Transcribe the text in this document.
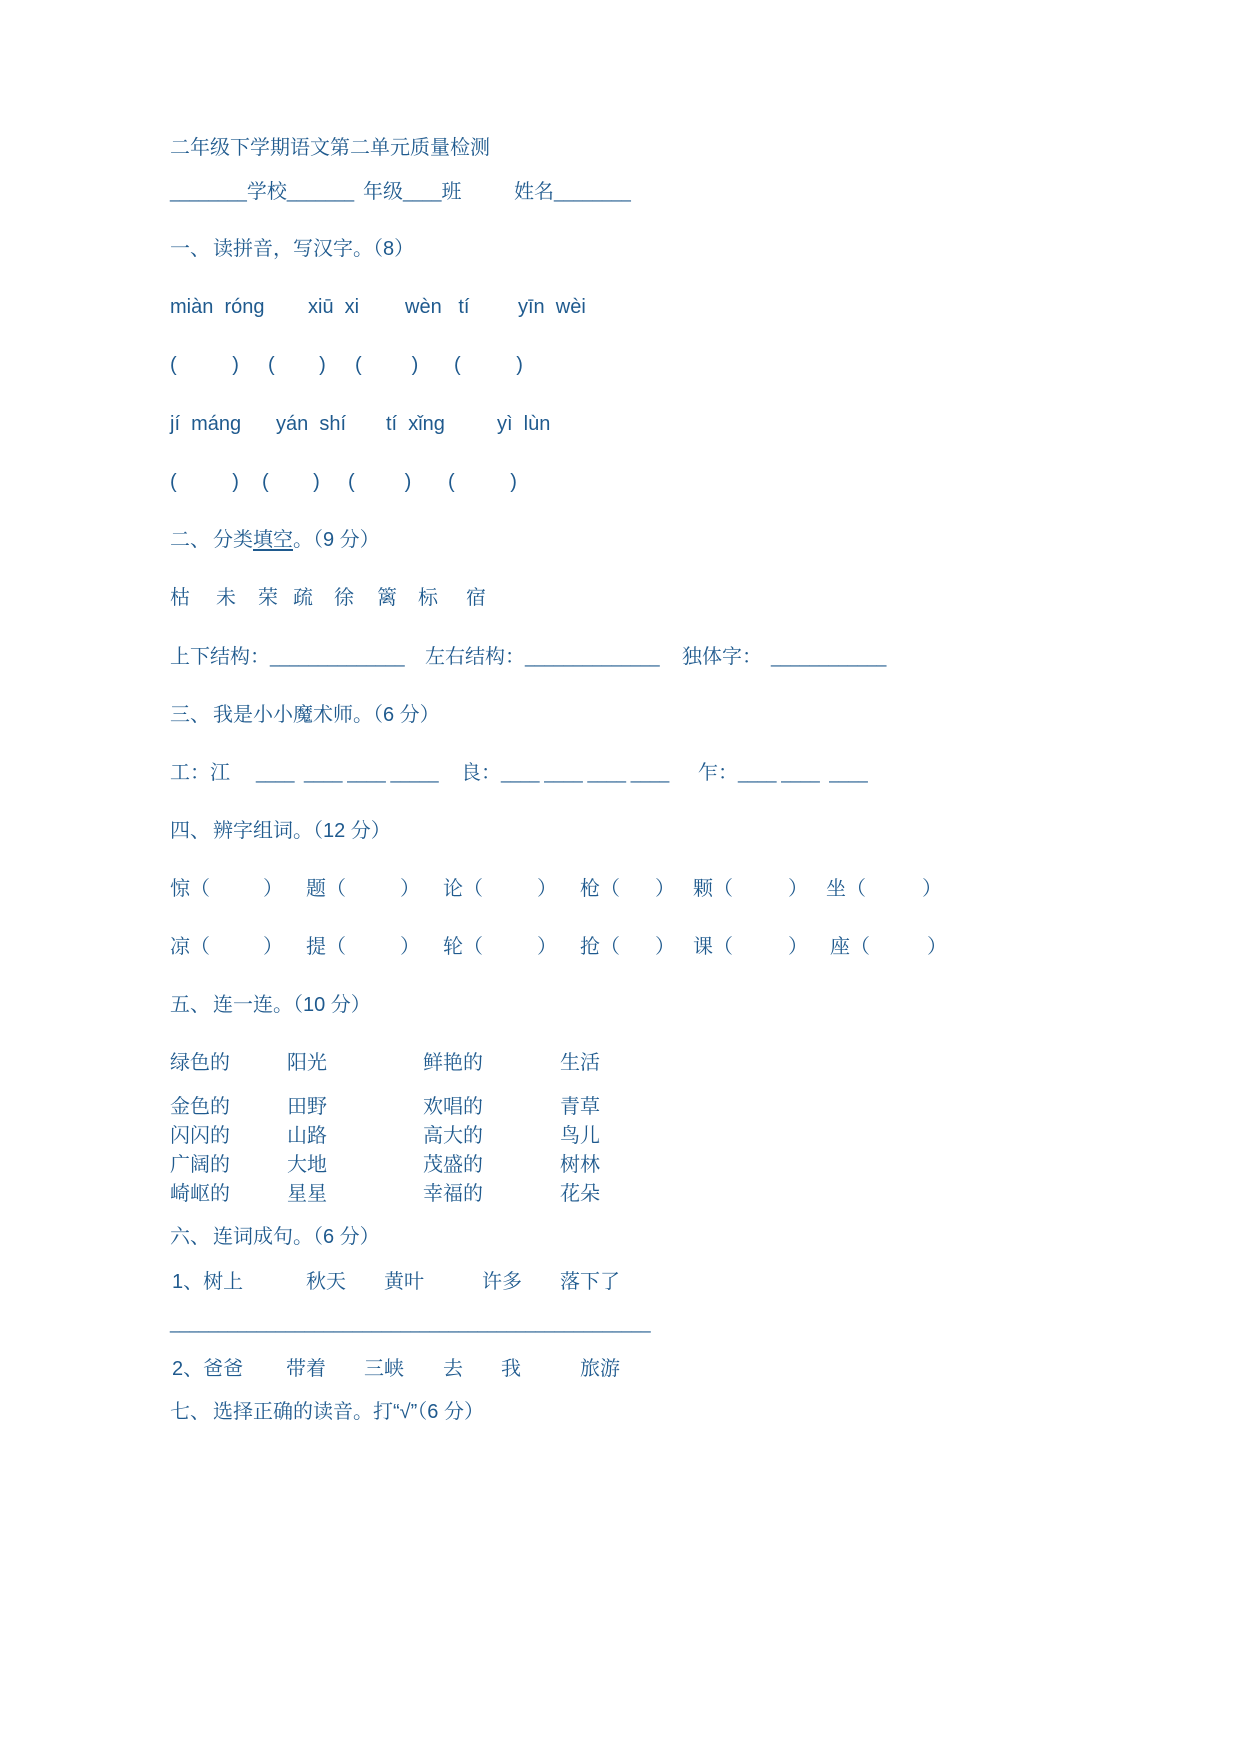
二年级下学期语文第二单元质量检测

________学校_______

年级____班

	姓名________

一、

读拼音，写汉字。（8）

miàn  róng

xiū  xi

wèn   tí

yīn  wèi

(          )

(        )

(         )

(          )

jí  máng

yán  shí

tí  xǐng

	yì  lùn

(          )

(        )

(         )

(          )

二、

分类填空。（9 分）

枯

未

荣

疏

徐

篱

标

宿

上下结构：______________

左右结构：______________

独体字： ____________

三、

我是小小魔术师。（6 分）

工：江

____  ____ ____ _____

良：____ ____ ____ ____

乍：____ ____  ____

四、

辨字组词。（12 分）

惊（

	）

题（

	）

论（

	）

枪（

）

颗（

	）

坐（

	）

凉（

	）

提（

	）

轮（

	）

抢（

）

课（

	）

座（

	）

五、

连一连。（10 分）

绿色的

	阳光

	鲜艳的

	生活

金色的

	田野

	欢唱的

	青草

闪闪的

	山路

	高大的

	鸟儿

广阔的

	大地

	茂盛的

	树林

崎岖的

	星星

	幸福的

	花朵

六、

连词成句。（6 分）

1、树上

	秋天

黄叶

	许多

落下了

__________________________________________________

2、爸爸

带着

三峡

去

我

	旅游

七、

选择正确的读音。打“√”（6 分）
